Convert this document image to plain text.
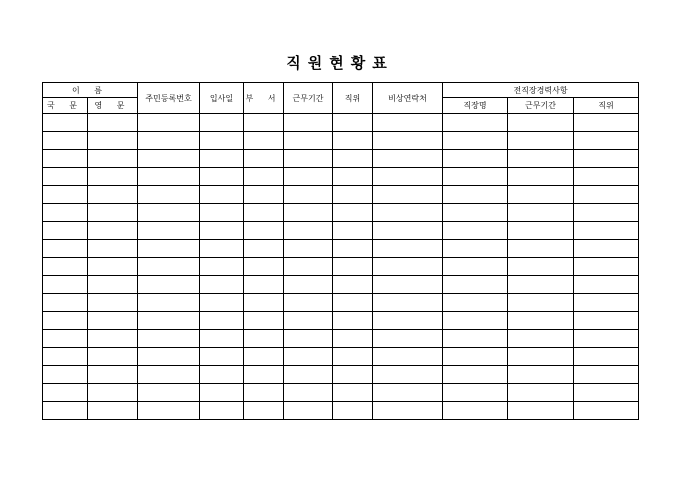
직원현황표
이 름		주민등록번호	입사일	부 서	근무기간	직위	비상연락처	전직장경력사항		
국 문	영 문							직장명	근무기간	직위
